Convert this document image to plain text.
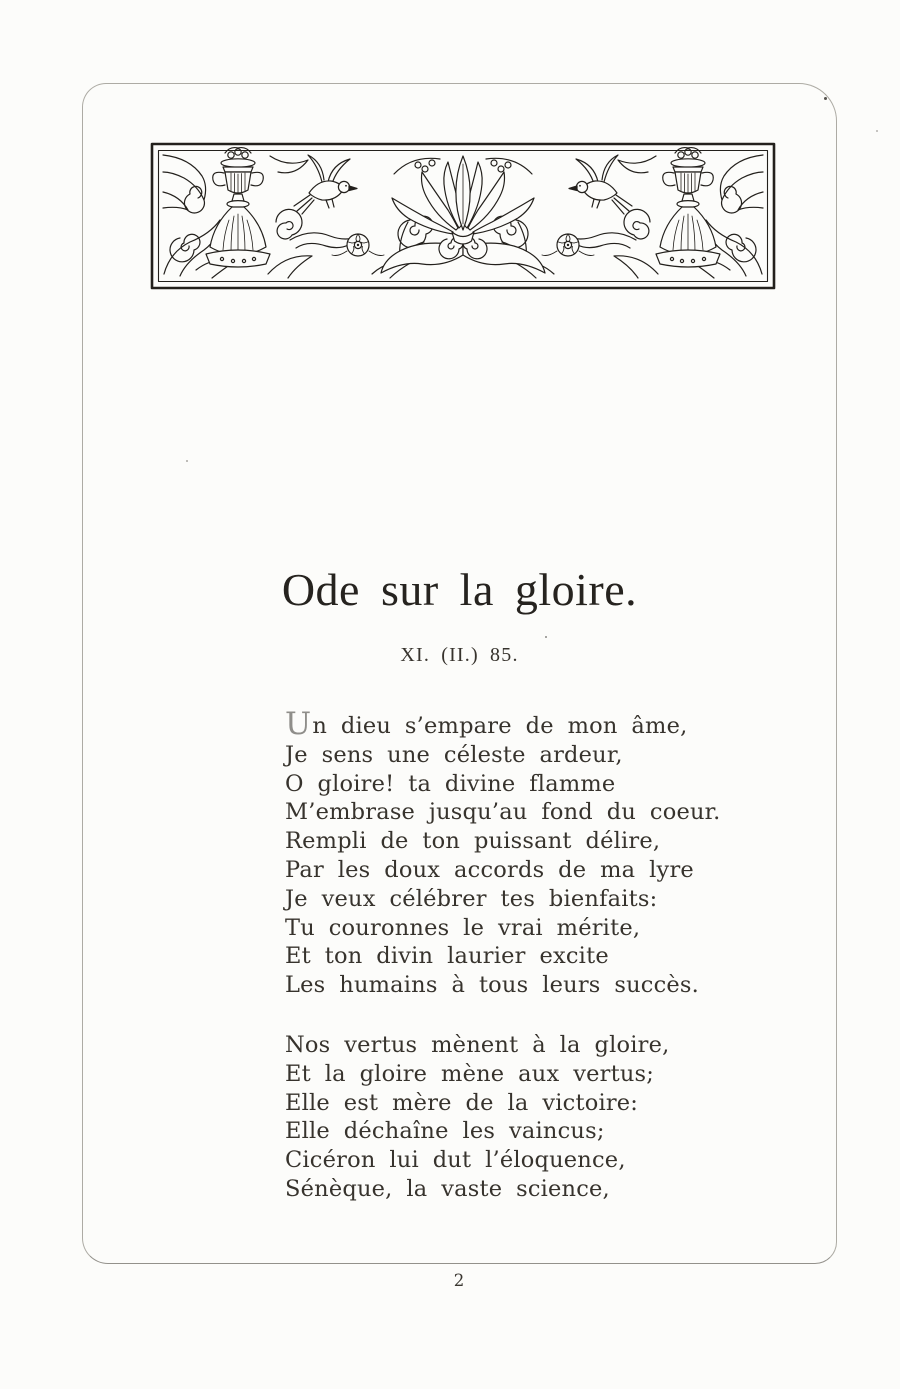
Ode sur la gloire.
XI. (II.) 85.
Un dieu s’empare de mon âme,
Je sens une céleste ardeur,
O gloire! ta divine flamme
M’embrase jusqu’au fond du coeur.
Rempli de ton puissant délire,
Par les doux accords de ma lyre
Je veux célébrer tes bienfaits:
Tu couronnes le vrai mérite,
Et ton divin laurier excite
Les humains à tous leurs succès.
Nos vertus mènent à la gloire,
Et la gloire mène aux vertus;
Elle est mère de la victoire:
Elle déchaîne les vaincus;
Cicéron lui dut l’éloquence,
Sénèque, la vaste science,
2
